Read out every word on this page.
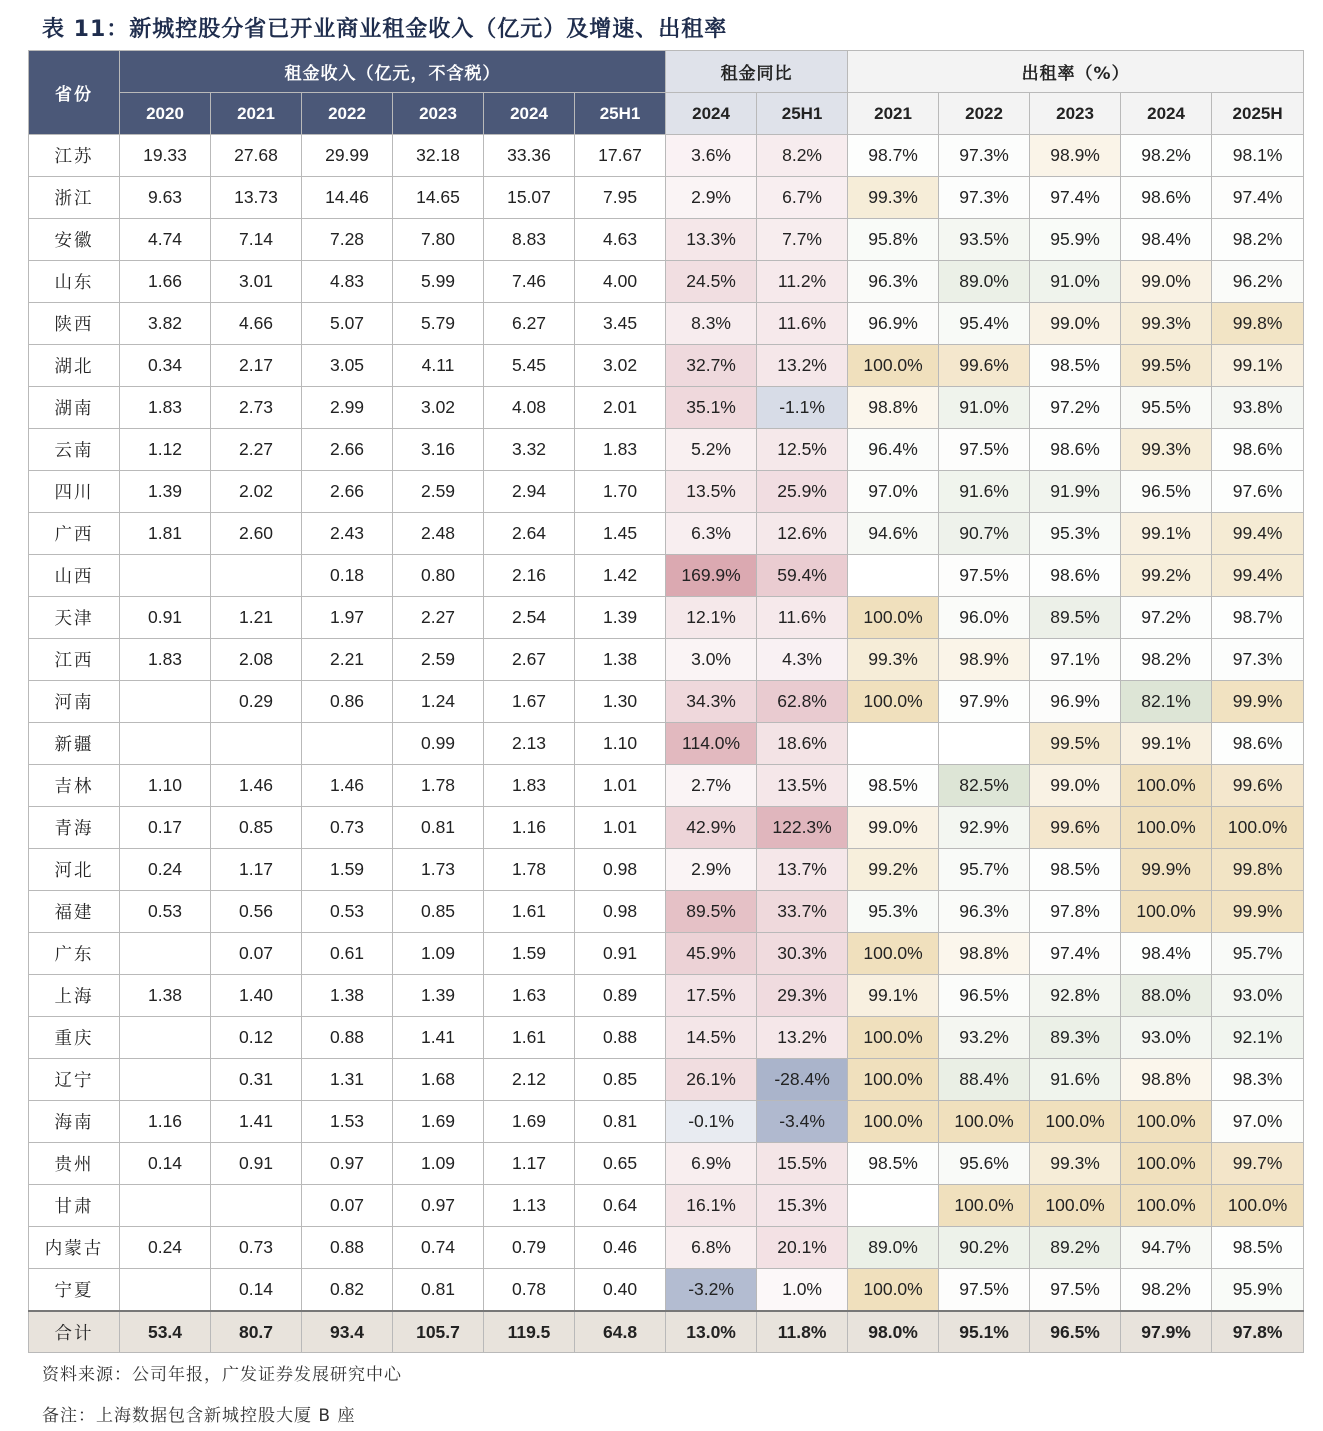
表 11：新城控股分省已开业商业租金收入（亿元）及增速、出租率
省份	租金收入（亿元，不含税）						租金同比		出租率（%）				
	2020	2021	2022	2023	2024	25H1	2024	25H1	2021	2022	2023	2024	2025H
江苏	19.33	27.68	29.99	32.18	33.36	17.67	3.6%	8.2%	98.7%	97.3%	98.9%	98.2%	98.1%
浙江	9.63	13.73	14.46	14.65	15.07	7.95	2.9%	6.7%	99.3%	97.3%	97.4%	98.6%	97.4%
安徽	4.74	7.14	7.28	7.80	8.83	4.63	13.3%	7.7%	95.8%	93.5%	95.9%	98.4%	98.2%
山东	1.66	3.01	4.83	5.99	7.46	4.00	24.5%	11.2%	96.3%	89.0%	91.0%	99.0%	96.2%
陕西	3.82	4.66	5.07	5.79	6.27	3.45	8.3%	11.6%	96.9%	95.4%	99.0%	99.3%	99.8%
湖北	0.34	2.17	3.05	4.11	5.45	3.02	32.7%	13.2%	100.0%	99.6%	98.5%	99.5%	99.1%
湖南	1.83	2.73	2.99	3.02	4.08	2.01	35.1%	-1.1%	98.8%	91.0%	97.2%	95.5%	93.8%
云南	1.12	2.27	2.66	3.16	3.32	1.83	5.2%	12.5%	96.4%	97.5%	98.6%	99.3%	98.6%
四川	1.39	2.02	2.66	2.59	2.94	1.70	13.5%	25.9%	97.0%	91.6%	91.9%	96.5%	97.6%
广西	1.81	2.60	2.43	2.48	2.64	1.45	6.3%	12.6%	94.6%	90.7%	95.3%	99.1%	99.4%
山西			0.18	0.80	2.16	1.42	169.9%	59.4%		97.5%	98.6%	99.2%	99.4%
天津	0.91	1.21	1.97	2.27	2.54	1.39	12.1%	11.6%	100.0%	96.0%	89.5%	97.2%	98.7%
江西	1.83	2.08	2.21	2.59	2.67	1.38	3.0%	4.3%	99.3%	98.9%	97.1%	98.2%	97.3%
河南		0.29	0.86	1.24	1.67	1.30	34.3%	62.8%	100.0%	97.9%	96.9%	82.1%	99.9%
新疆				0.99	2.13	1.10	114.0%	18.6%			99.5%	99.1%	98.6%
吉林	1.10	1.46	1.46	1.78	1.83	1.01	2.7%	13.5%	98.5%	82.5%	99.0%	100.0%	99.6%
青海	0.17	0.85	0.73	0.81	1.16	1.01	42.9%	122.3%	99.0%	92.9%	99.6%	100.0%	100.0%
河北	0.24	1.17	1.59	1.73	1.78	0.98	2.9%	13.7%	99.2%	95.7%	98.5%	99.9%	99.8%
福建	0.53	0.56	0.53	0.85	1.61	0.98	89.5%	33.7%	95.3%	96.3%	97.8%	100.0%	99.9%
广东		0.07	0.61	1.09	1.59	0.91	45.9%	30.3%	100.0%	98.8%	97.4%	98.4%	95.7%
上海	1.38	1.40	1.38	1.39	1.63	0.89	17.5%	29.3%	99.1%	96.5%	92.8%	88.0%	93.0%
重庆		0.12	0.88	1.41	1.61	0.88	14.5%	13.2%	100.0%	93.2%	89.3%	93.0%	92.1%
辽宁		0.31	1.31	1.68	2.12	0.85	26.1%	-28.4%	100.0%	88.4%	91.6%	98.8%	98.3%
海南	1.16	1.41	1.53	1.69	1.69	0.81	-0.1%	-3.4%	100.0%	100.0%	100.0%	100.0%	97.0%
贵州	0.14	0.91	0.97	1.09	1.17	0.65	6.9%	15.5%	98.5%	95.6%	99.3%	100.0%	99.7%
甘肃			0.07	0.97	1.13	0.64	16.1%	15.3%		100.0%	100.0%	100.0%	100.0%
内蒙古	0.24	0.73	0.88	0.74	0.79	0.46	6.8%	20.1%	89.0%	90.2%	89.2%	94.7%	98.5%
宁夏		0.14	0.82	0.81	0.78	0.40	-3.2%	1.0%	100.0%	97.5%	97.5%	98.2%	95.9%
合计	53.4	80.7	93.4	105.7	119.5	64.8	13.0%	11.8%	98.0%	95.1%	96.5%	97.9%	97.8%
资料来源：公司年报，广发证券发展研究中心
备注：上海数据包含新城控股大厦 B 座
